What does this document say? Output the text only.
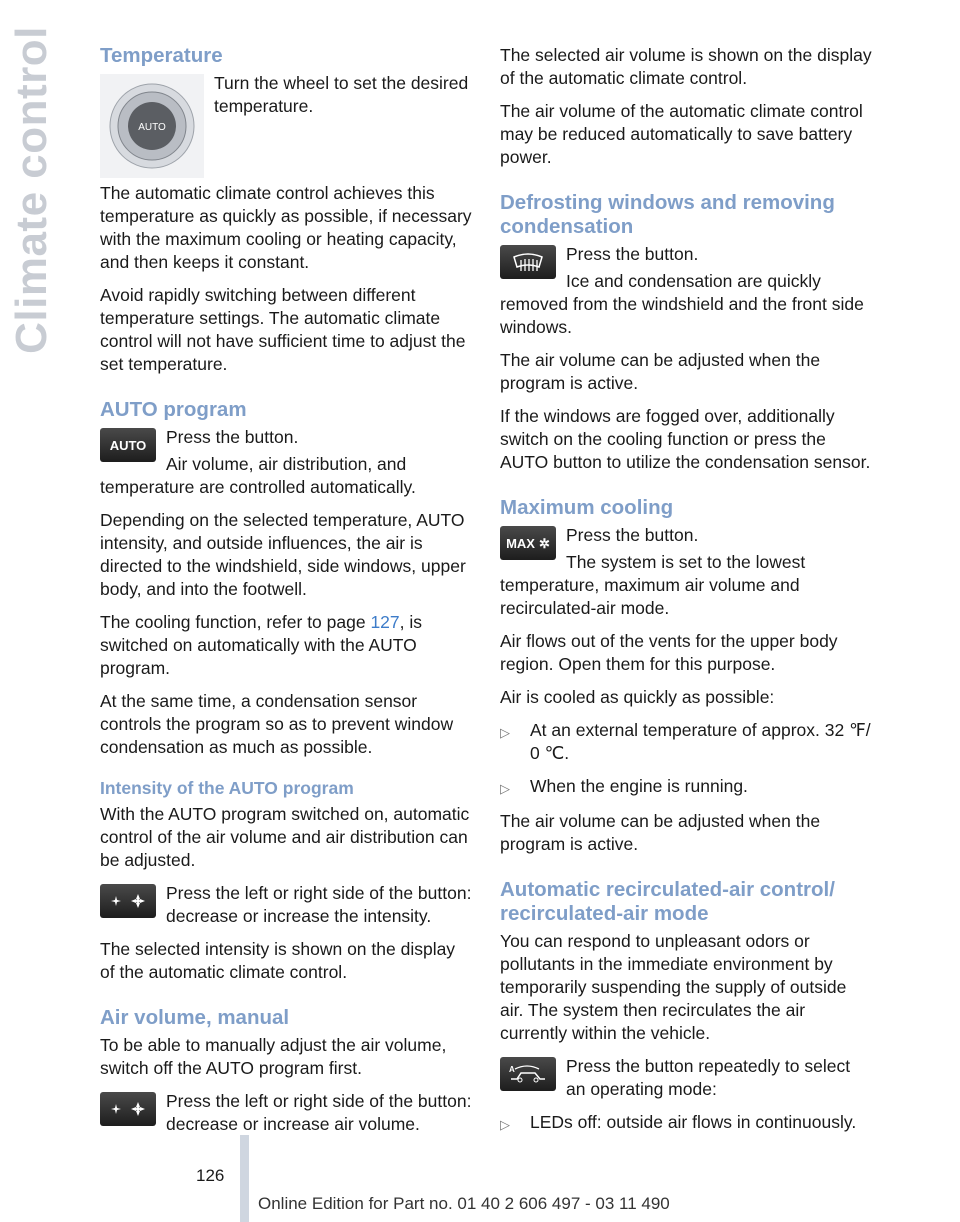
Climate control Temperature
AUTO

Turn the wheel to set the desired temperature.

The automatic climate control achieves this temperature as quickly as possible, if necessary with the maximum cooling or heating capacity, and then keeps it constant.

Avoid rapidly switching between different temperature settings. The automatic climate control will not have sufficient time to adjust the set temperature.

AUTO program
AUTO	Press the button.

Air volume, air distribution, and temperature are controlled automatically.

Depending on the selected temperature, AUTO intensity, and outside influences, the air is directed to the windshield, side windows, upper body, and into the footwell.

The cooling function, refer to page 127, is switched on automatically with the AUTO program.

At the same time, a condensation sensor controls the program so as to prevent window condensation as much as possible.

Intensity of the AUTO program

With the AUTO program switched on, automatic control of the air volume and air distribution can be adjusted.

Press the left or right side of the button: decrease or increase the intensity.

The selected intensity is shown on the display of the automatic climate control.

Air volume, manual

To be able to manually adjust the air volume, switch off the AUTO program first.

Press the left or right side of the button: decrease or increase air volume.

The selected air volume is shown on the display of the automatic climate control.

The air volume of the automatic climate control may be reduced automatically to save battery power.

Defrosting windows and removing condensation

Press the button.

Ice and condensation are quickly removed from the windshield and the front side windows.

The air volume can be adjusted when the program is active.

If the windows are fogged over, additionally switch on the cooling function or press the AUTO button to utilize the condensation sensor.

Maximum cooling
MAX ✲ Press the button.

The system is set to the lowest temperature, maximum air volume and recirculated-air mode.

Air flows out of the vents for the upper body region. Open them for this purpose.

Air is cooled as quickly as possible:

▷	At an external temperature of approx. 32 ℉/ 0 ℃.
▷	When the engine is running.

The air volume can be adjusted when the program is active.

Automatic recirculated-air control/ recirculated-air mode

You can respond to unpleasant odors or pollutants in the immediate environment by temporarily suspending the supply of outside air. The system then recirculates the air currently within the vehicle.

A	Press the button repeatedly to select an operating mode:

▷	LEDs off: outside air flows in continuously.
126
Online Edition for Part no. 01 40 2 606 497 - 03 11 490
